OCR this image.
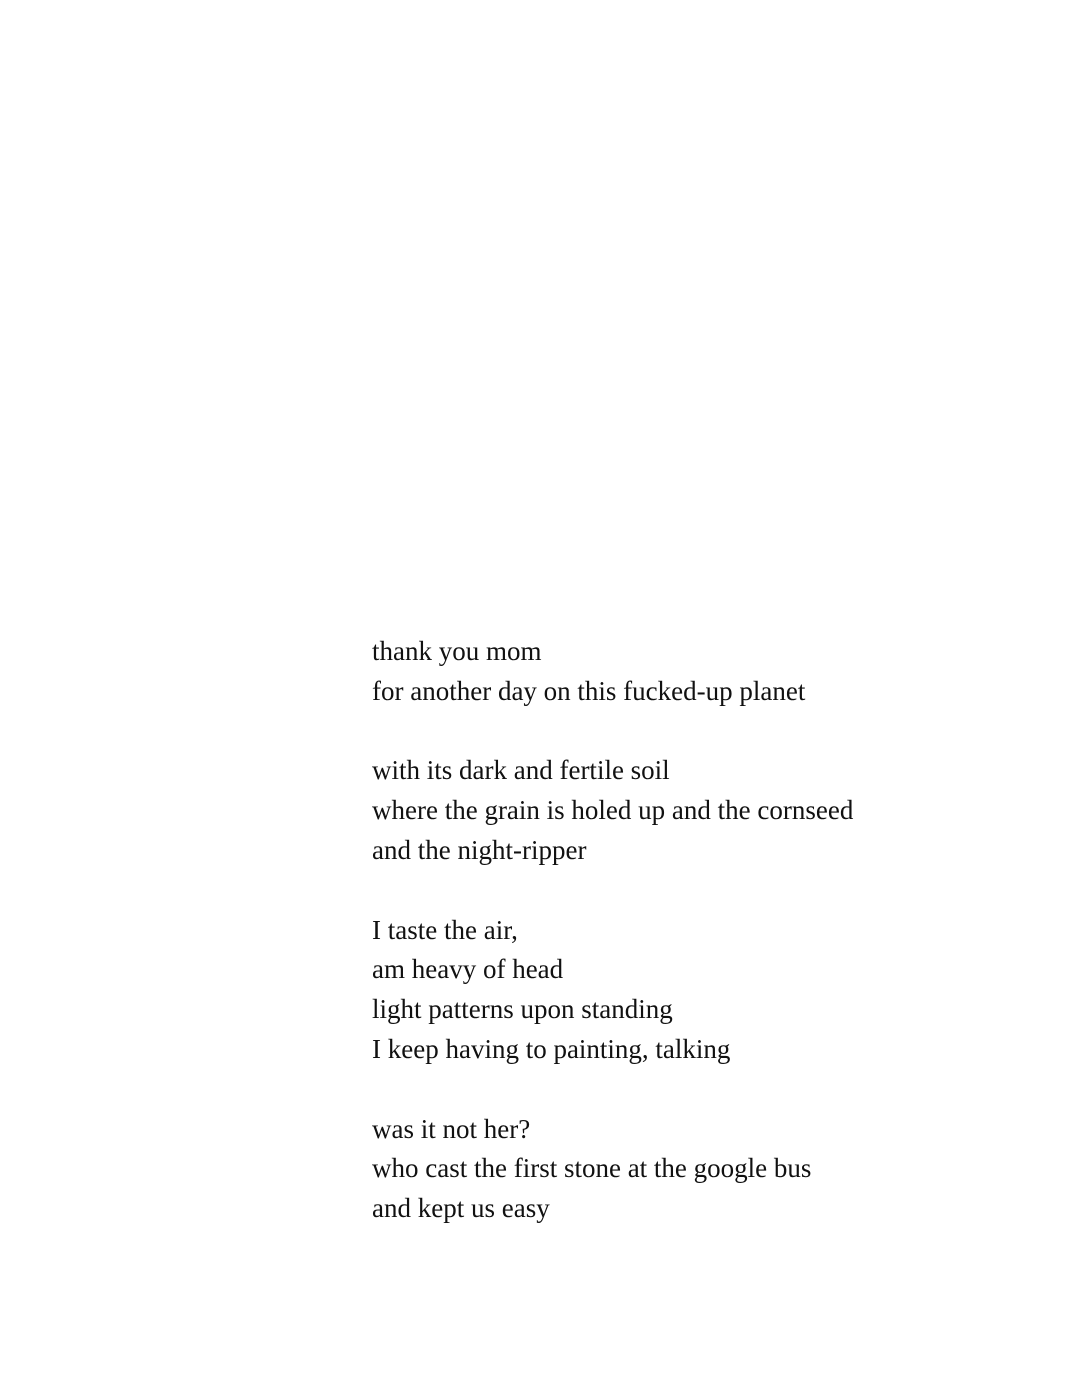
thank you mom
for another day on this fucked-up planet
with its dark and fertile soil
where the grain is holed up and the cornseed
and the night-ripper
I taste the air,
am heavy of head
light patterns upon standing
I keep having to painting, talking
was it not her?
who cast the first stone at the google bus
and kept us easy
